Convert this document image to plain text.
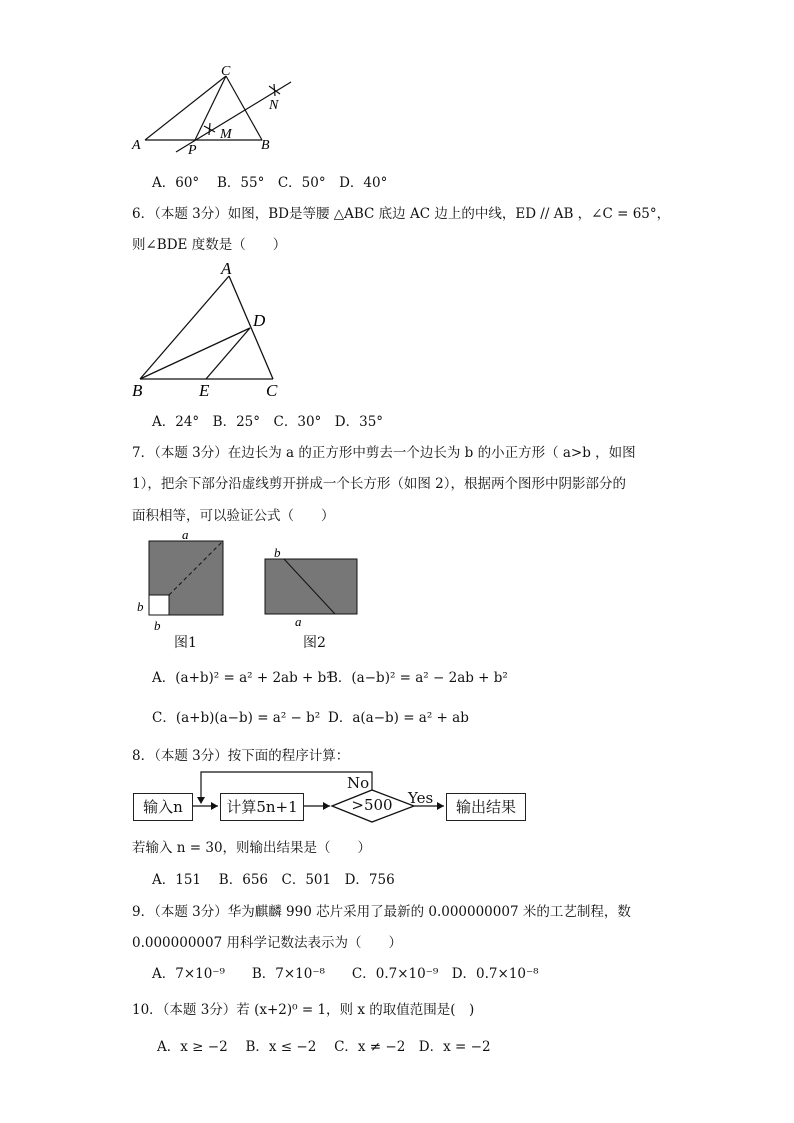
C
N
M
A	P	B
A．60°　 B．55°　C．50°　D．40°
6．（本题 3分）如图，BD是等腰 △ABC 底边 AC 边上的中线，ED // AB ，∠C = 65°，
则∠BDE 度数是（　　）
A
D
B	E	C
A．24°　B．25°　C．30°　D．35°
7．（本题 3分）在边长为 a 的正方形中剪去一个边长为 b 的小正方形（ a>b ，如图
1），把余下部分沿虚线剪开拼成一个长方形（如图 2），根据两个图形中阴影部分的
面积相等，可以验证公式（　　）
a
b
b
图1
b
a
图2
A．(a+b)² = a² + 2ab + b²
B．(a−b)² = a² − 2ab + b²
C．(a+b)(a−b) = a² − b² D．a(a−b) = a² + ab
8．（本题 3分）按下面的程序计算：
输入n	计算5n+1	>500
No
Yes	输出结果
若输入 n = 30，则输出结果是（　　）
A．151　 B．656　C．501　D．756
9．（本题 3分）华为麒麟 990 芯片采用了最新的 0.000000007 米的工艺制程，数
0.000000007 用科学记数法表示为（　　）
A．7×10⁻⁹　　B．7×10⁻⁸　　C．0.7×10⁻⁹　D．0.7×10⁻⁸
10．（本题 3分）若 (x+2)⁰ = 1，则 x 的取值范围是(　)
A．x ≥ −2　 B．x ≤ −2　 C．x ≠ −2　D．x = −2
